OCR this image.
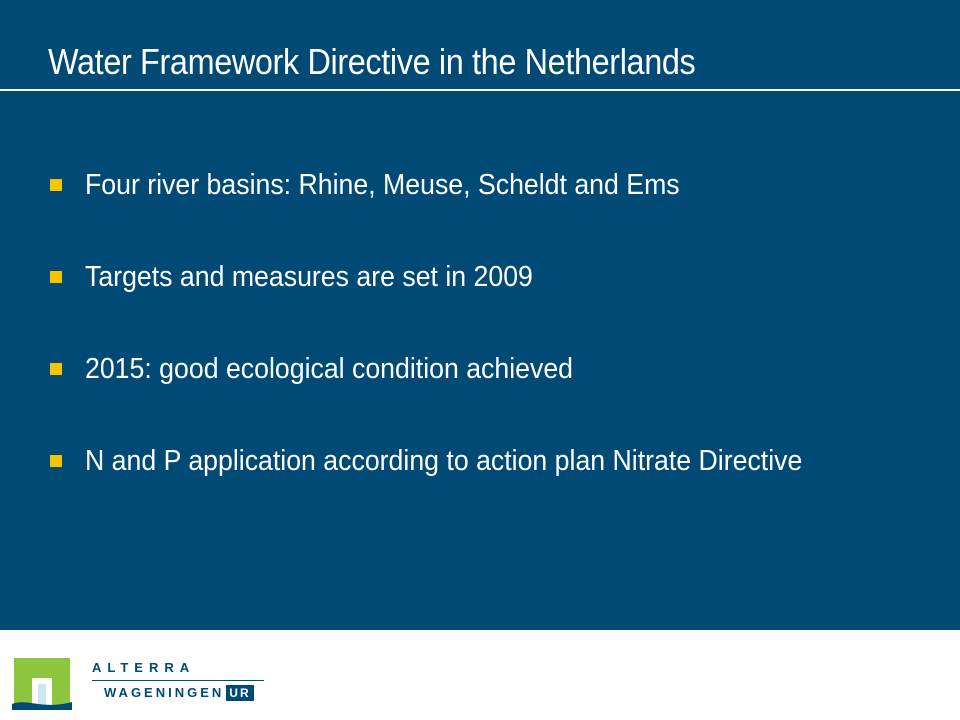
Water Framework Directive in the Netherlands
Four river basins: Rhine, Meuse, Scheldt and Ems
Targets and measures are set in 2009
2015: good ecological condition achieved
N and P application according to action plan Nitrate Directive
ALTERRA
WAGENINGEN UR
